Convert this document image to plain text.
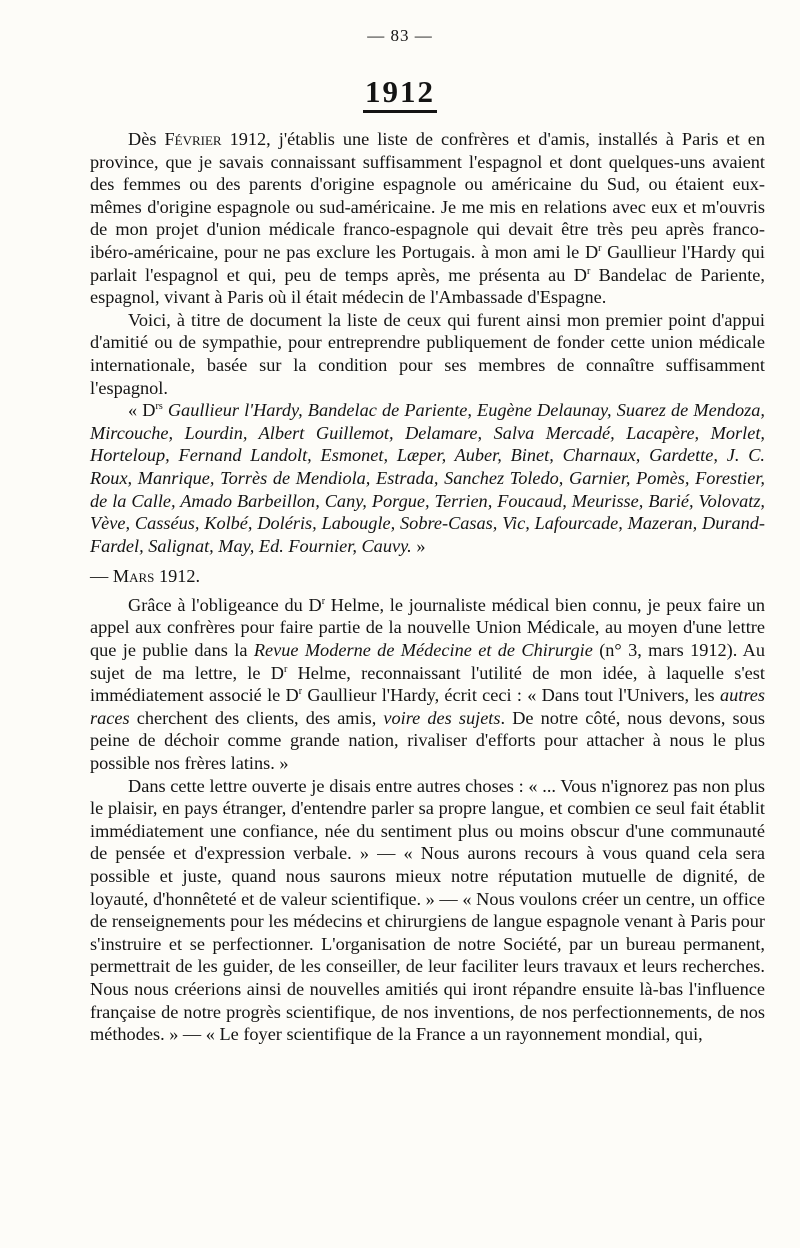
— 83 —
1912

Dès Février 1912, j'établis une liste de confrères et d'amis, installés à Paris et en province, que je savais connaissant suffisamment l'espagnol et dont quelques-uns avaient des femmes ou des parents d'origine espagnole ou américaine du Sud, ou étaient eux-mêmes d'origine espagnole ou sud-américaine. Je me mis en relations avec eux et m'ouvris de mon projet d'union médicale franco-espagnole qui devait être très peu après franco-ibéro-américaine, pour ne pas exclure les Portugais. à mon ami le $D^r$ Gaullieur l'Hardy qui parlait l'espagnol et qui, peu de temps après, me présenta au $D^r$ Bandelac de Pariente, espagnol, vivant à Paris où il était médecin de l'Ambassade d'Espagne.

Voici, à titre de document la liste de ceux qui furent ainsi mon premier point d'appui d'amitié ou de sympathie, pour entreprendre publiquement de fonder cette union médicale internationale, basée sur la condition pour ses membres de connaître suffisamment l'espagnol.

« $D^{rs}$ Gaullieur l'Hardy, Bandelac de Pariente, Eugène Delaunay, Suarez de Mendoza, Mircouche, Lourdin, Albert Guillemot, Delamare, Salva Mercadé, Lacapère, Morlet, Horteloup, Fernand Landolt, Esmonet, Læper, Auber, Binet, Charnaux, Gardette, J. C. Roux, Manrique, Torrès de Mendiola, Estrada, Sanchez Toledo, Garnier, Pomès, Forestier, de la Calle, Amado Barbeillon, Cany, Porgue, Terrien, Foucaud, Meurisse, Barié, Volovatz, Vève, Casséus, Kolbé, Doléris, Labougle, Sobre-Casas, Vic, Lafourcade, Mazeran, Durand-Fardel, Salignat, May, Ed. Fournier, Cauvy. »

— Mars 1912.

Grâce à l'obligeance du $D^r$ Helme, le journaliste médical bien connu, je peux faire un appel aux confrères pour faire partie de la nouvelle Union Médicale, au moyen d'une lettre que je publie dans la Revue Moderne de Médecine et de Chirurgie (n° 3, mars 1912). Au sujet de ma lettre, le $D^r$ Helme, reconnaissant l'utilité de mon idée, à laquelle s'est immédiatement associé le $D^r$ Gaullieur l'Hardy, écrit ceci : « Dans tout l'Univers, les autres races cherchent des clients, des amis, voire des sujets. De notre côté, nous devons, sous peine de déchoir comme grande nation, rivaliser d'efforts pour attacher à nous le plus possible nos frères latins. »

Dans cette lettre ouverte je disais entre autres choses : « ... Vous n'ignorez pas non plus le plaisir, en pays étranger, d'entendre parler sa propre langue, et combien ce seul fait établit immédiatement une confiance, née du sentiment plus ou moins obscur d'une communauté de pensée et d'expression verbale. » — « Nous aurons recours à vous quand cela sera possible et juste, quand nous saurons mieux notre réputation mutuelle de dignité, de loyauté, d'honnêteté et de valeur scientifique. » — « Nous voulons créer un centre, un office de renseignements pour les médecins et chirurgiens de langue espagnole venant à Paris pour s'instruire et se perfectionner. L'organisation de notre Société, par un bureau permanent, permettrait de les guider, de les conseiller, de leur faciliter leurs travaux et leurs recherches. Nous nous créerions ainsi de nouvelles amitiés qui iront répandre ensuite là-bas l'influence française de notre progrès scientifique, de nos inventions, de nos perfectionnements, de nos méthodes. » — « Le foyer scientifique de la France a un rayonnement mondial, qui,
